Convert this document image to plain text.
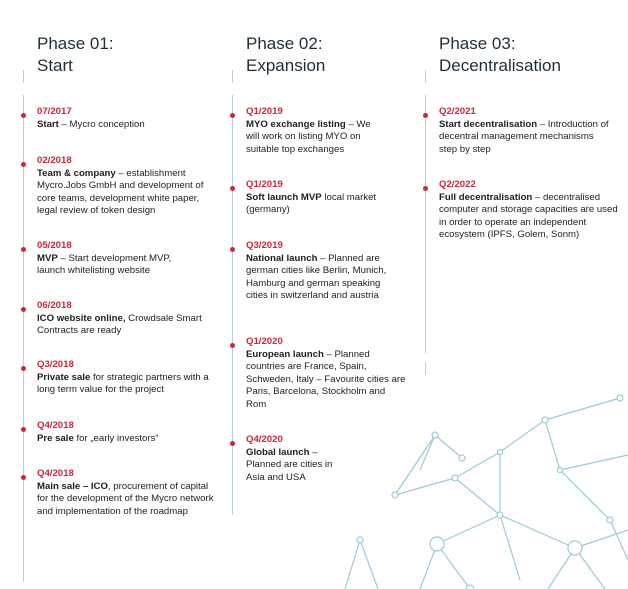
Phase 01:
Start
07/2017
Start – Mycro conception
02/2018
Team & company – establishment Mycro.Jobs GmbH and development of core teams, development white paper, legal review of token design
05/2018
MVP – Start development MVP, launch whitelisting website
06/2018
ICO website online, Crowdsale Smart Contracts are ready
Q3/2018
Private sale for strategic partners with a long term value for the project
Q4/2018
Pre sale for „early investors“
Q4/2018
Main sale – ICO, procurement of capital for the development of the Mycro network and implementation of the roadmap
Phase 02:
Expansion
Q1/2019
MYO exchange listing – We will work on listing MYO on suitable top exchanges
Q1/2019
Soft launch MVP local market (germany)
Q3/2019
National launch – Planned are german cities like Berlin, Munich, Hamburg and german speaking cities in switzerland and austria
Q1/2020
European launch – Planned countries are France, Spain, Schweden, Italy – Favourite cities are Paris, Barcelona, Stockholm and Rom
Q4/2020
Global launch – Planned are cities in Asia and USA
Phase 03:
Decentralisation
Q2/2021
Start decentralisation – Introduction of decentral management mechanisms step by step
Q2/2022
Full decentralisation – decentralised computer and storage capacities are used in order to operate an independent ecosystem (IPFS, Golem, Sonm)
